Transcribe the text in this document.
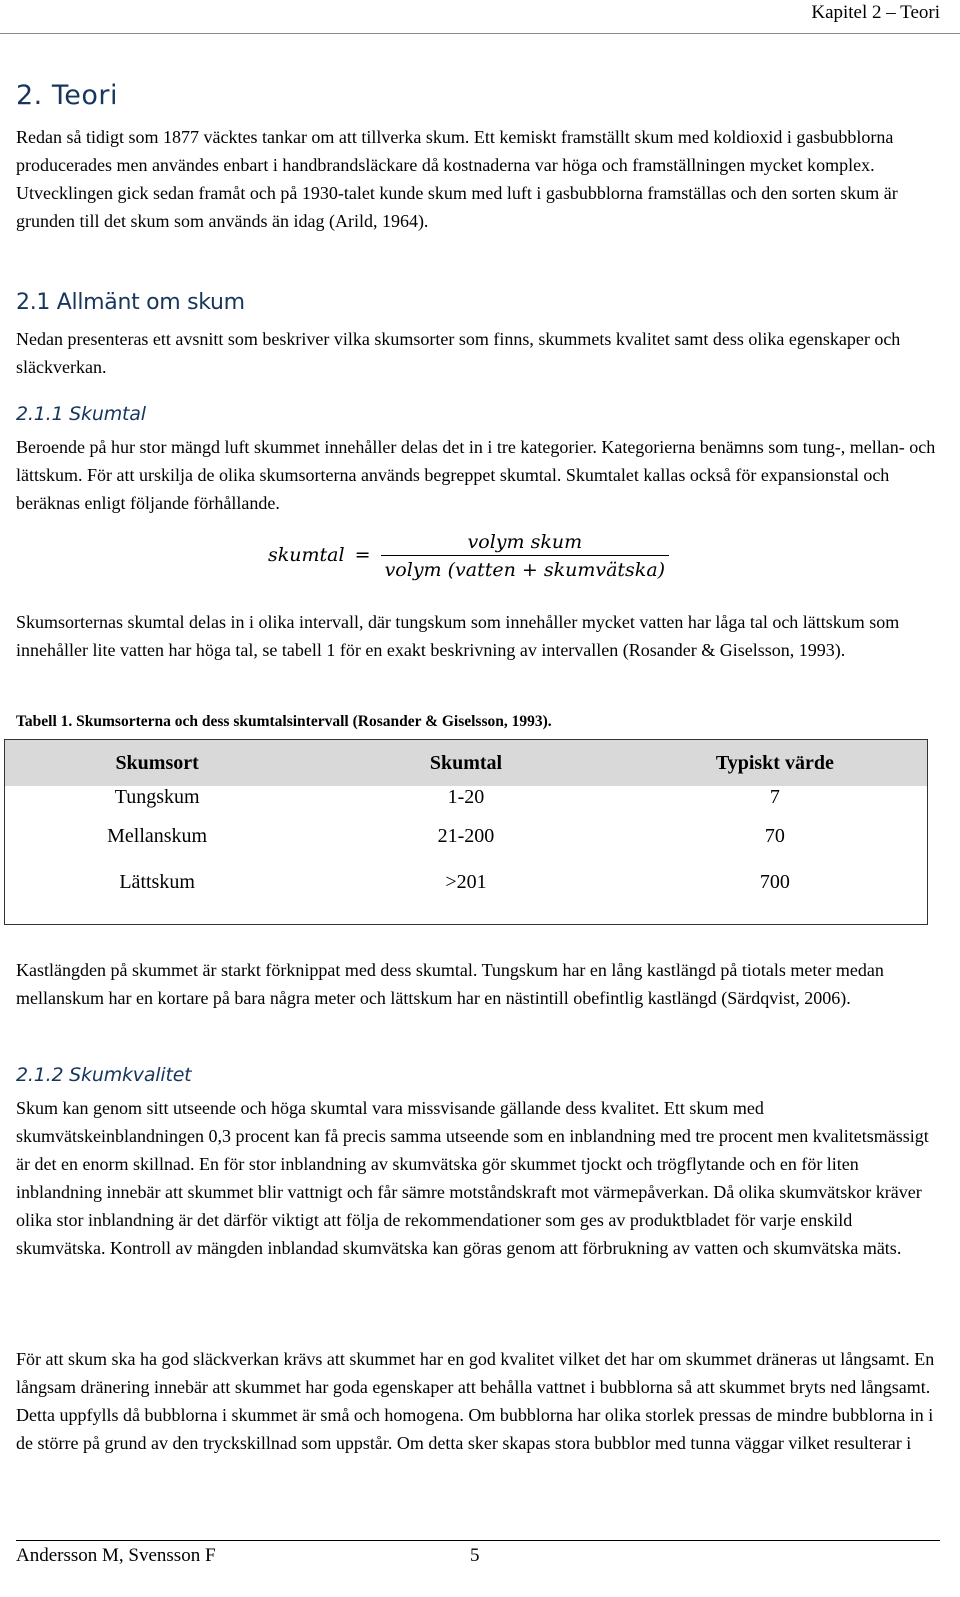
Kapitel 2 – Teori
2. Teori

Redan så tidigt som 1877 väcktes tankar om att tillverka skum. Ett kemiskt framställt skum med koldioxid i gasbubblorna producerades men användes enbart i handbrandsläckare då kostnaderna var höga och framställningen mycket komplex. Utvecklingen gick sedan framåt och på 1930-talet kunde skum med luft i gasbubblorna framställas och den sorten skum är grunden till det skum som används än idag (Arild, 1964).

2.1 Allmänt om skum

Nedan presenteras ett avsnitt som beskriver vilka skumsorter som finns, skummets kvalitet samt dess olika egenskaper och släckverkan.

2.1.1 Skumtal

Beroende på hur stor mängd luft skummet innehåller delas det in i tre kategorier. Kategorierna benämns som tung-, mellan- och lättskum. För att urskilja de olika skumsorterna används begreppet skumtal. Skumtalet kallas också för expansionstal och beräknas enligt följande förhållande.

skumtal = $\frac{\text{volym skum}}{\text{volym (vatten + skumvätska)}}$

Skumsorternas skumtal delas in i olika intervall, där tungskum som innehåller mycket vatten har låga tal och lättskum som innehåller lite vatten har höga tal, se tabell 1 för en exakt beskrivning av intervallen (Rosander & Giselsson, 1993).

Tabell 1. Skumsorterna och dess skumtalsintervall (Rosander & Giselsson, 1993).
Skumsort	Skumtal	Typiskt värde
Tungskum	1-20	7
Mellanskum	21-200	70
Lättskum	>201	700

Kastlängden på skummet är starkt förknippat med dess skumtal. Tungskum har en lång kastlängd på tiotals meter medan mellanskum har en kortare på bara några meter och lättskum har en nästintill obefintlig kastlängd (Särdqvist, 2006).

2.1.2 Skumkvalitet

Skum kan genom sitt utseende och höga skumtal vara missvisande gällande dess kvalitet. Ett skum med skumvätskeinblandningen 0,3 procent kan få precis samma utseende som en inblandning med tre procent men kvalitetsmässigt är det en enorm skillnad. En för stor inblandning av skumvätska gör skummet tjockt och trögflytande och en för liten inblandning innebär att skummet blir vattnigt och får sämre motståndskraft mot värmepåverkan. Då olika skumvätskor kräver olika stor inblandning är det därför viktigt att följa de rekommendationer som ges av produktbladet för varje enskild skumvätska. Kontroll av mängden inblandad skumvätska kan göras genom att förbrukning av vatten och skumvätska mäts.

För att skum ska ha god släckverkan krävs att skummet har en god kvalitet vilket det har om skummet dräneras ut långsamt. En långsam dränering innebär att skummet har goda egenskaper att behålla vattnet i bubblorna så att skummet bryts ned långsamt. Detta uppfylls då bubblorna i skummet är små och homogena. Om bubblorna har olika storlek pressas de mindre bubblorna in i de större på grund av den tryckskillnad som uppstår. Om detta sker skapas stora bubblor med tunna väggar vilket resulterar i

Andersson M, Svensson F	5
